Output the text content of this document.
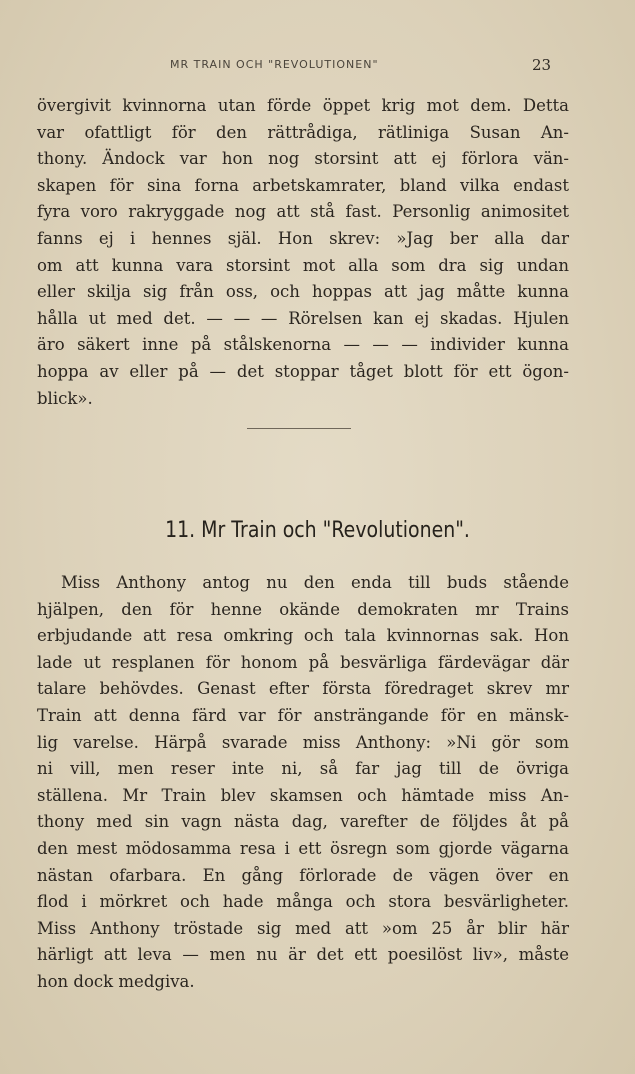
MR TRAIN OCH "REVOLUTIONEN"	23
övergivit kvinnorna utan förde öppet krig mot dem. Detta
var ofattligt för den rättrådiga, rätliniga Susan An-
thony. Ändock var hon nog storsint att ej förlora vän-
skapen för sina forna arbetskamrater, bland vilka endast
fyra voro rakryggade nog att stå fast. Personlig animositet
fanns ej i hennes själ. Hon skrev: »Jag ber alla dar
om att kunna vara storsint mot alla som dra sig undan
eller skilja sig från oss, och hoppas att jag måtte kunna
hålla ut med det. — — — Rörelsen kan ej skadas. Hjulen
äro säkert inne på stålskenorna — — — individer kunna
hoppa av eller på — det stoppar tåget blott för ett ögon-
blick».
11. Mr Train och "Revolutionen".
Miss Anthony antog nu den enda till buds stående
hjälpen, den för henne okände demokraten mr Trains
erbjudande att resa omkring och tala kvinnornas sak. Hon
lade ut resplanen för honom på besvärliga färdevägar där
talare behövdes. Genast efter första föredraget skrev mr
Train att denna färd var för ansträngande för en mänsk-
lig varelse. Härpå svarade miss Anthony: »Ni gör som
ni vill, men reser inte ni, så far jag till de övriga
ställena. Mr Train blev skamsen och hämtade miss An-
thony med sin vagn nästa dag, varefter de följdes åt på
den mest mödosamma resa i ett ösregn som gjorde vägarna
nästan ofarbara. En gång förlorade de vägen över en
flod i mörkret och hade många och stora besvärligheter.
Miss Anthony tröstade sig med att »om 25 år blir här
härligt att leva — men nu är det ett poesilöst liv», måste
hon dock medgiva.
